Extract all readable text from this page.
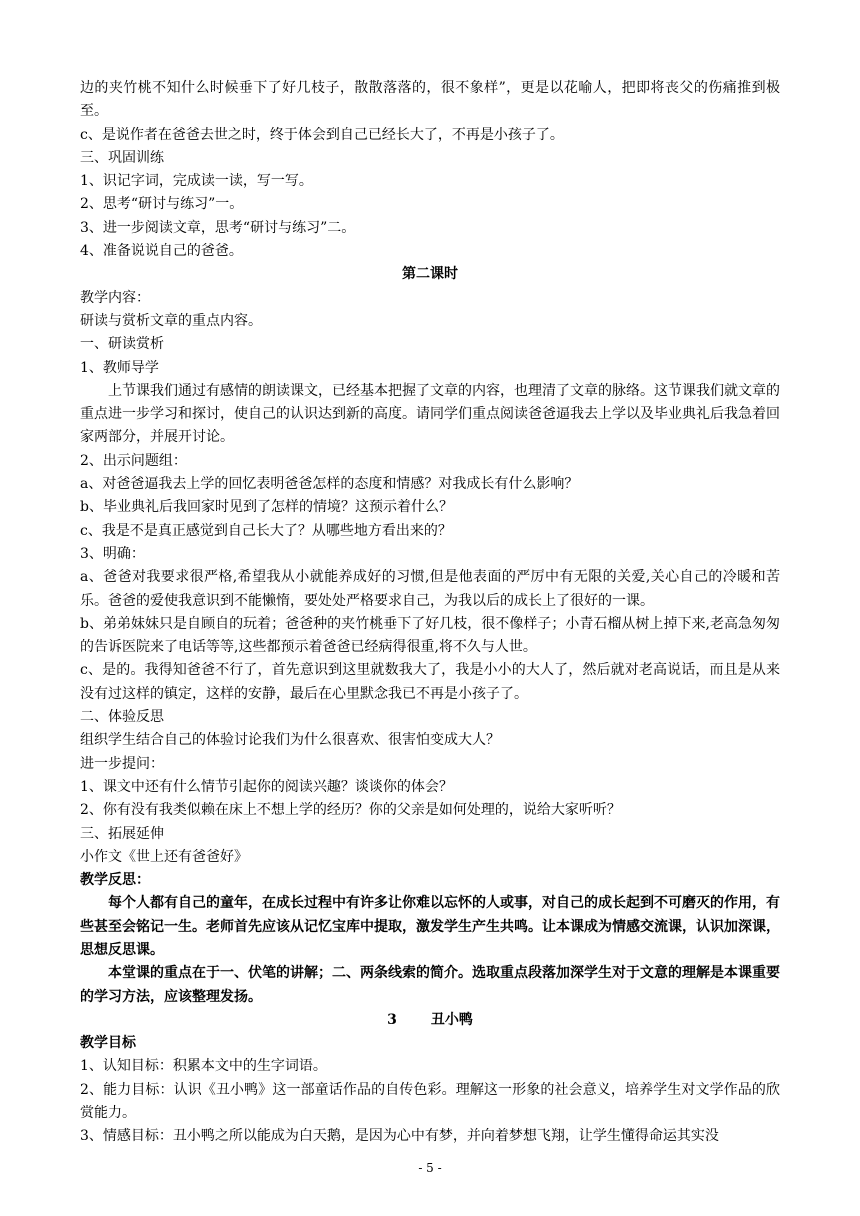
边的夹竹桃不知什么时候垂下了好几枝子，散散落落的，很不象样”，更是以花喻人，把即将丧父的伤痛推到极至。

c、是说作者在爸爸去世之时，终于体会到自己已经长大了，不再是小孩子了。

三、巩固训练

1、识记字词，完成读一读，写一写。

2、思考“研讨与练习”一。

3、进一步阅读文章，思考“研讨与练习”二。

4、准备说说自己的爸爸。

第二课时

教学内容：

研读与赏析文章的重点内容。

一、研读赏析

1、教师导学

上节课我们通过有感情的朗读课文，已经基本把握了文章的内容，也理清了文章的脉络。这节课我们就文章的重点进一步学习和探讨，使自己的认识达到新的高度。请同学们重点阅读爸爸逼我去上学以及毕业典礼后我急着回家两部分，并展开讨论。

2、出示问题组：

a、对爸爸逼我去上学的回忆表明爸爸怎样的态度和情感？对我成长有什么影响？

b、毕业典礼后我回家时见到了怎样的情境？这预示着什么？

c、我是不是真正感觉到自己长大了？从哪些地方看出来的？

3、明确：

a、爸爸对我要求很严格,希望我从小就能养成好的习惯,但是他表面的严厉中有无限的关爱,关心自己的冷暖和苦乐。爸爸的爱使我意识到不能懒惰，要处处严格要求自己，为我以后的成长上了很好的一课。

b、弟弟妹妹只是自顾自的玩着；爸爸种的夹竹桃垂下了好几枝，很不像样子；小青石榴从树上掉下来,老高急匆匆的告诉医院来了电话等等,这些都预示着爸爸已经病得很重,将不久与人世。

c、是的。我得知爸爸不行了，首先意识到这里就数我大了，我是小小的大人了，然后就对老高说话，而且是从来没有过这样的镇定，这样的安静，最后在心里默念我已不再是小孩子了。

二、体验反思

组织学生结合自己的体验讨论我们为什么很喜欢、很害怕变成大人？

进一步提问：

1、课文中还有什么情节引起你的阅读兴趣？谈谈你的体会？

2、你有没有我类似赖在床上不想上学的经历？你的父亲是如何处理的，说给大家听听？

三、拓展延伸

小作文《世上还有爸爸好》

教学反思：

每个人都有自己的童年，在成长过程中有许多让你难以忘怀的人或事，对自己的成长起到不可磨灭的作用，有些甚至会铭记一生。老师首先应该从记忆宝库中提取，激发学生产生共鸣。让本课成为情感交流课，认识加深课，思想反思课。

本堂课的重点在于一、伏笔的讲解；二、两条线索的简介。选取重点段落加深学生对于文意的理解是本课重要的学习方法，应该整理发扬。

3 丑小鸭

教学目标

1、认知目标：积累本文中的生字词语。

2、能力目标：认识《丑小鸭》这一部童话作品的自传色彩。理解这一形象的社会意义，培养学生对文学作品的欣赏能力。

3、情感目标：丑小鸭之所以能成为白天鹅，是因为心中有梦，并向着梦想飞翔，让学生懂得命运其实没

- 5 -
